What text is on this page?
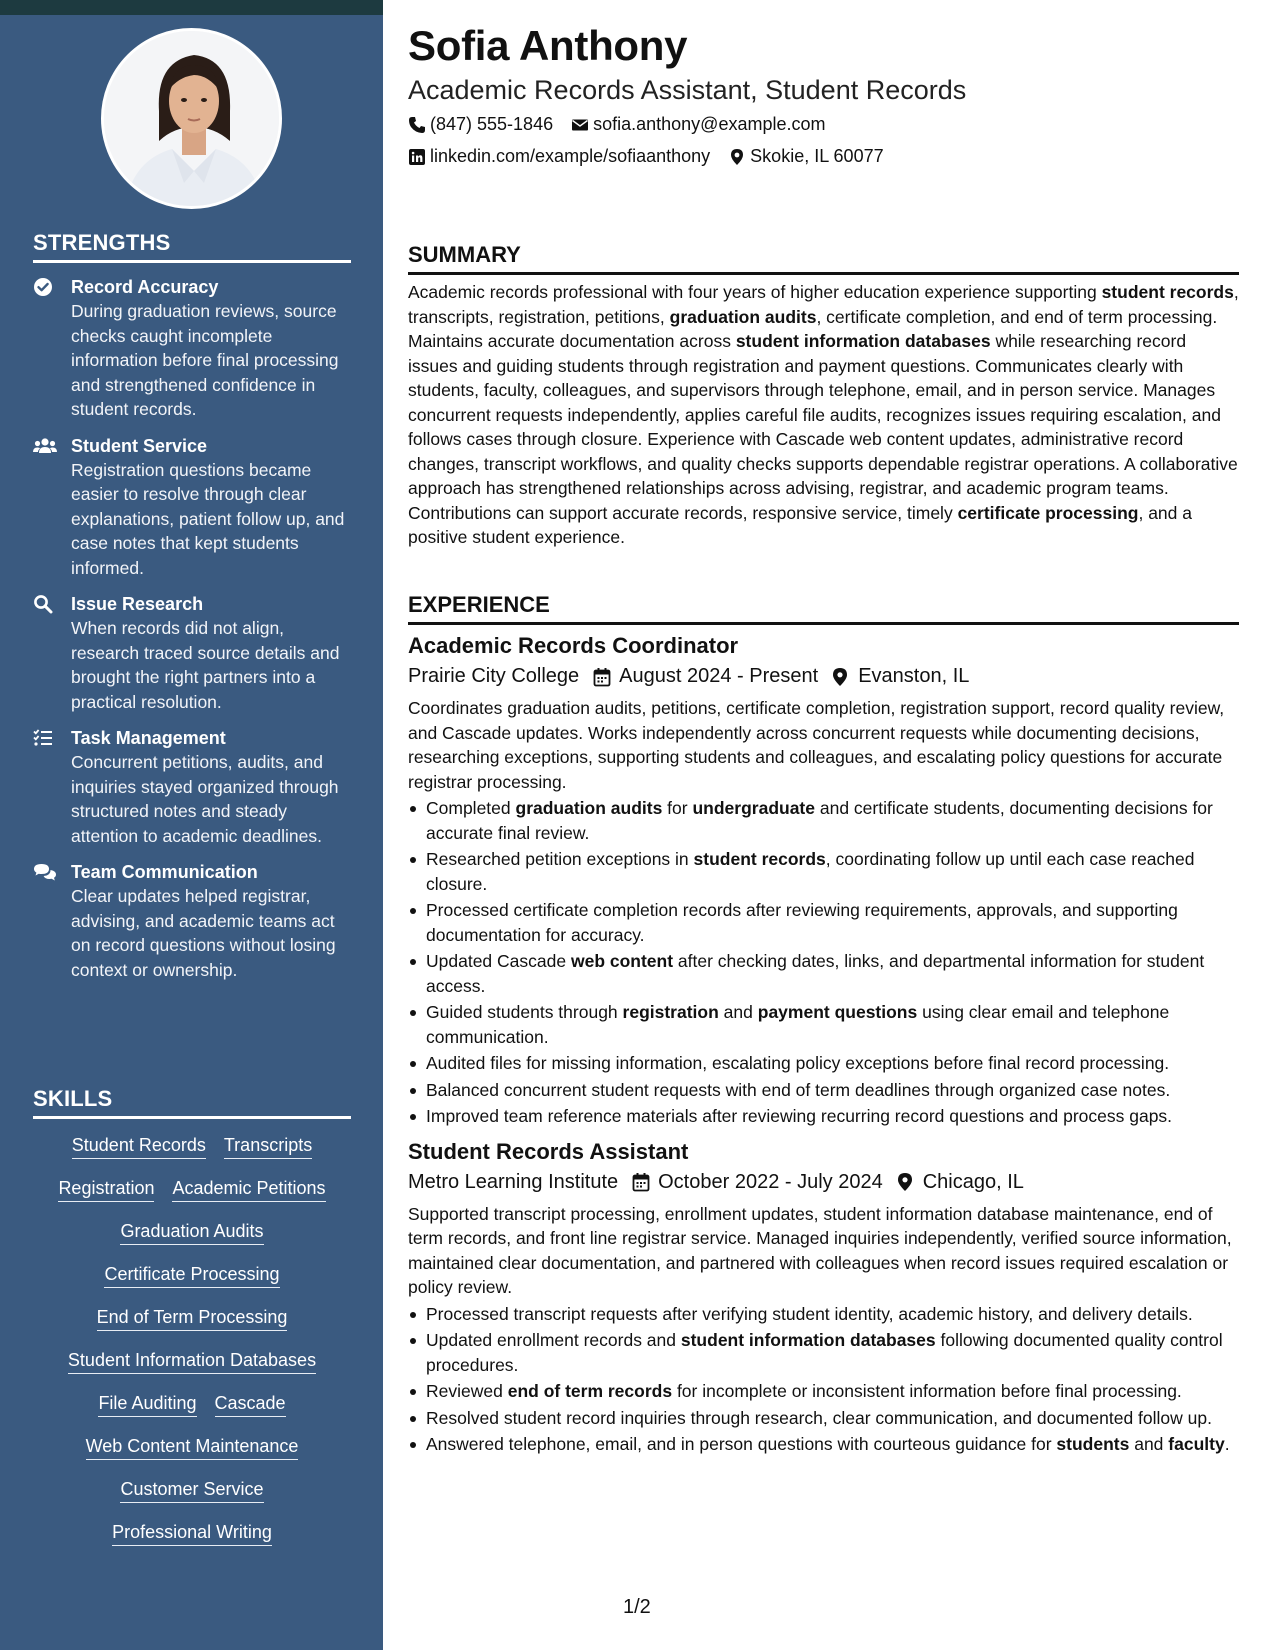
STRENGTHS
Record Accuracy
During graduation reviews, source checks caught incomplete information before final processing and strengthened confidence in student records.
Student Service
Registration questions became easier to resolve through clear explanations, patient follow up, and case notes that kept students informed.
Issue Research
When records did not align, research traced source details and brought the right partners into a practical resolution.
Task Management
Concurrent petitions, audits, and inquiries stayed organized through structured notes and steady attention to academic deadlines.
Team Communication
Clear updates helped registrar, advising, and academic teams act on record questions without losing context or ownership.
SKILLS
Student Records Transcripts
Registration Academic Petitions
Graduation Audits
Certificate Processing
End of Term Processing
Student Information Databases
File Auditing Cascade
Web Content Maintenance
Customer Service
Professional Writing
Sofia Anthony
Academic Records Assistant, Student Records
(847) 555-1846 sofia.anthony@example.com
linkedin.com/example/sofiaanthony Skokie, IL 60077
SUMMARY

Academic records professional with four years of higher education experience supporting student records, transcripts, registration, petitions, graduation audits, certificate completion, and end of term processing. Maintains accurate documentation across student information databases while researching record issues and guiding students through registration and payment questions. Communicates clearly with students, faculty, colleagues, and supervisors through telephone, email, and in person service. Manages concurrent requests independently, applies careful file audits, recognizes issues requiring escalation, and follows cases through closure. Experience with Cascade web content updates, administrative record changes, transcript workflows, and quality checks supports dependable registrar operations. A collaborative approach has strengthened relationships across advising, registrar, and academic program teams. Contributions can support accurate records, responsive service, timely certificate processing, and a positive student experience.

EXPERIENCE
Academic Records Coordinator
Prairie City College August 2024 - Present Evanston, IL

Coordinates graduation audits, petitions, certificate completion, registration support, record quality review, and Cascade updates. Works independently across concurrent requests while documenting decisions, researching exceptions, supporting students and colleagues, and escalating policy questions for accurate registrar processing.

Completed graduation audits for undergraduate and certificate students, documenting decisions for accurate final review.
Researched petition exceptions in student records, coordinating follow up until each case reached closure.
Processed certificate completion records after reviewing requirements, approvals, and supporting documentation for accuracy.
Updated Cascade web content after checking dates, links, and departmental information for student access.
Guided students through registration and payment questions using clear email and telephone communication.
Audited files for missing information, escalating policy exceptions before final record processing.
Balanced concurrent student requests with end of term deadlines through organized case notes.
Improved team reference materials after reviewing recurring record questions and process gaps.
Student Records Assistant
Metro Learning Institute October 2022 - July 2024 Chicago, IL

Supported transcript processing, enrollment updates, student information database maintenance, end of term records, and front line registrar service. Managed inquiries independently, verified source information, maintained clear documentation, and partnered with colleagues when record issues required escalation or policy review.

Processed transcript requests after verifying student identity, academic history, and delivery details.
Updated enrollment records and student information databases following documented quality control procedures.
Reviewed end of term records for incomplete or inconsistent information before final processing.
Resolved student record inquiries through research, clear communication, and documented follow up.
Answered telephone, email, and in person questions with courteous guidance for students and faculty.
1/2
